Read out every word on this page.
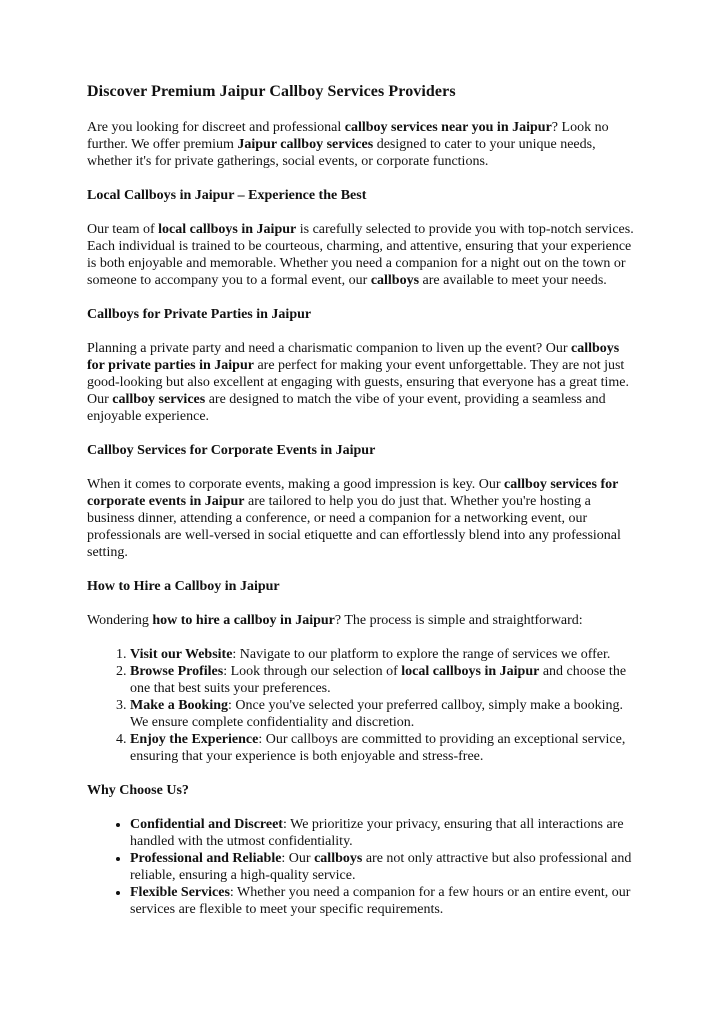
Discover Premium Jaipur Callboy Services Providers

Are you looking for discreet and professional callboy services near you in Jaipur? Look no further. We offer premium Jaipur callboy services designed to cater to your unique needs, whether it's for private gatherings, social events, or corporate functions.

Local Callboys in Jaipur – Experience the Best

Our team of local callboys in Jaipur is carefully selected to provide you with top-notch services. Each individual is trained to be courteous, charming, and attentive, ensuring that your experience is both enjoyable and memorable. Whether you need a companion for a night out on the town or someone to accompany you to a formal event, our callboys are available to meet your needs.

Callboys for Private Parties in Jaipur

Planning a private party and need a charismatic companion to liven up the event? Our callboys for private parties in Jaipur are perfect for making your event unforgettable. They are not just good-looking but also excellent at engaging with guests, ensuring that everyone has a great time. Our callboy services are designed to match the vibe of your event, providing a seamless and enjoyable experience.

Callboy Services for Corporate Events in Jaipur

When it comes to corporate events, making a good impression is key. Our callboy services for corporate events in Jaipur are tailored to help you do just that. Whether you're hosting a business dinner, attending a conference, or need a companion for a networking event, our professionals are well-versed in social etiquette and can effortlessly blend into any professional setting.

How to Hire a Callboy in Jaipur

Wondering how to hire a callboy in Jaipur? The process is simple and straightforward:

1. Visit our Website: Navigate to our platform to explore the range of services we offer.
2. Browse Profiles: Look through our selection of local callboys in Jaipur and choose the one that best suits your preferences.
3. Make a Booking: Once you've selected your preferred callboy, simply make a booking. We ensure complete confidentiality and discretion.
4. Enjoy the Experience: Our callboys are committed to providing an exceptional service, ensuring that your experience is both enjoyable and stress-free.
Why Choose Us?
• Confidential and Discreet: We prioritize your privacy, ensuring that all interactions are handled with the utmost confidentiality.
• Professional and Reliable: Our callboys are not only attractive but also professional and reliable, ensuring a high-quality service.
• Flexible Services: Whether you need a companion for a few hours or an entire event, our services are flexible to meet your specific requirements.
